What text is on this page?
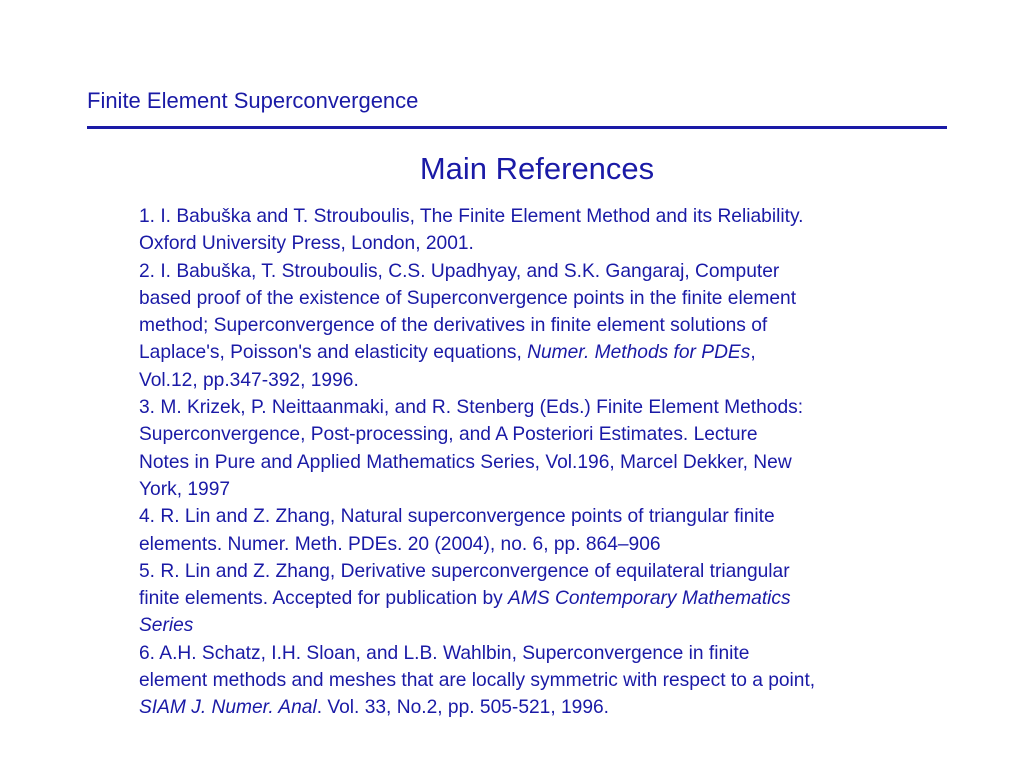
Finite Element Superconvergence
Main References
1. I. Babuška and T. Strouboulis, The Finite Element Method and its Reliability.
Oxford University Press, London, 2001.
2. I. Babuška, T. Strouboulis, C.S. Upadhyay, and S.K. Gangaraj, Computer
based proof of the existence of Superconvergence points in the finite element
method; Superconvergence of the derivatives in finite element solutions of
Laplace's, Poisson's and elasticity equations, Numer. Methods for PDEs,
Vol.12, pp.347-392, 1996.
3. M. Krizek, P. Neittaanmaki, and R. Stenberg (Eds.) Finite Element Methods:
Superconvergence, Post-processing, and A Posteriori Estimates. Lecture
Notes in Pure and Applied Mathematics Series, Vol.196, Marcel Dekker, New
York, 1997
4. R. Lin and Z. Zhang, Natural superconvergence points of triangular finite
elements. Numer. Meth. PDEs. 20 (2004), no. 6, pp. 864–906
5. R. Lin and Z. Zhang, Derivative superconvergence of equilateral triangular
finite elements. Accepted for publication by AMS Contemporary Mathematics
Series
6. A.H. Schatz, I.H. Sloan, and L.B. Wahlbin, Superconvergence in finite
element methods and meshes that are locally symmetric with respect to a point,
SIAM J. Numer. Anal. Vol. 33, No.2, pp. 505-521, 1996.
